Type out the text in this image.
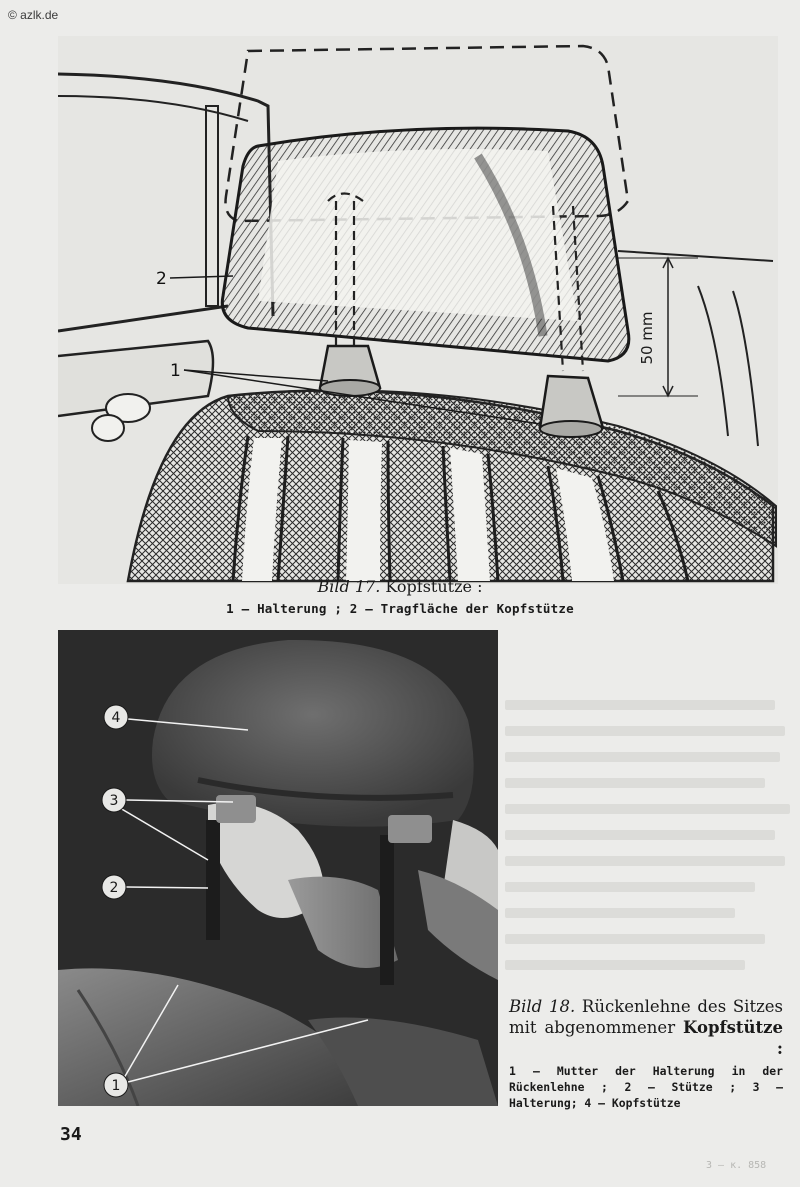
© azlk.de
50 mm
2
1
Bild 17. Kopfstütze :
1 — Halterung ; 2 — Tragfläche der Kopfstütze
4
3
2
1
Bild 18. Rückenlehne des Sitzes mit abgenommener Kopfstütze :
1 — Mutter der Halterung in der Rückenlehne ; 2 — Stütze ; 3 — Halterung; 4 — Kopfstütze
34
3 — к. 858
